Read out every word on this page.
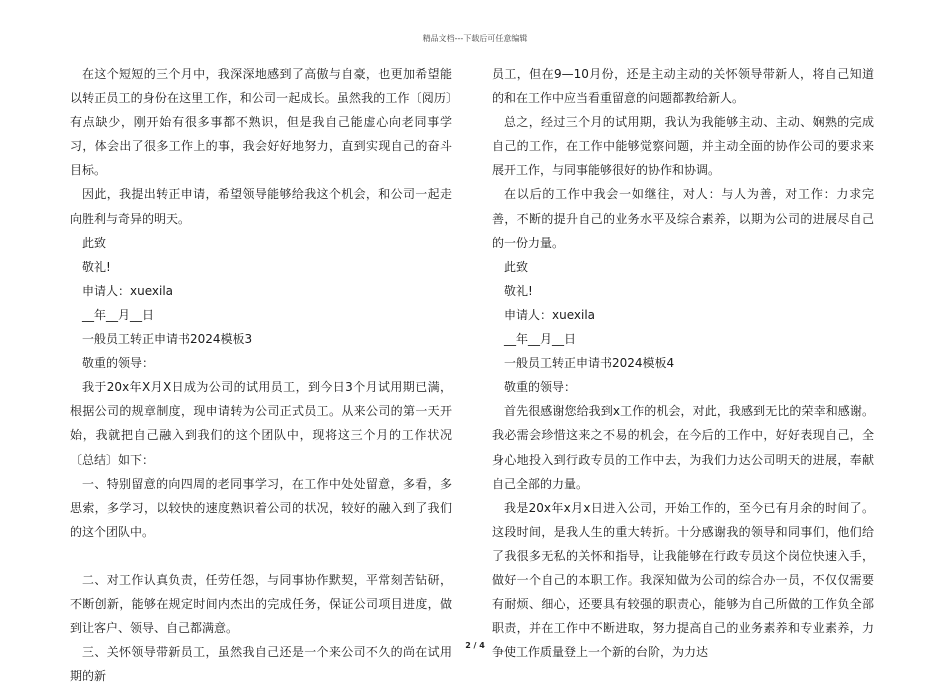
精品文档---下载后可任意编辑

在这个短短的三个月中，我深深地感到了高傲与自豪，也更加希望能以转正员工的身份在这里工作，和公司一起成长。虽然我的工作〔阅历〕有点缺少，刚开始有很多事都不熟识，但是我自己能虚心向老同事学习，体会出了很多工作上的事，我会好好地努力，直到实现自己的奋斗目标。

因此，我提出转正申请，希望领导能够给我这个机会，和公司一起走向胜利与奇异的明天。

此致

敬礼!

申请人：xuexila

__年__月__日

一般员工转正申请书2024模板3

敬重的领导：

我于20x年X月X日成为公司的试用员工，到今日3个月试用期已满，根据公司的规章制度，现申请转为公司正式员工。从来公司的第一天开始，我就把自己融入到我们的这个团队中，现将这三个月的工作状况〔总结〕如下：

一、特别留意的向四周的老同事学习，在工作中处处留意，多看，多思索，多学习，以较快的速度熟识着公司的状况，较好的融入到了我们的这个团队中。

二、对工作认真负责，任劳任怨，与同事协作默契，平常刻苦钻研，不断创新，能够在规定时间内杰出的完成任务，保证公司项目进度，做到让客户、领导、自己都满意。

三、关怀领导带新员工，虽然我自己还是一个来公司不久的尚在试用期的新

员工，但在9—10月份，还是主动主动的关怀领导带新人，将自己知道的和在工作中应当看重留意的问题都教给新人。

总之，经过三个月的试用期，我认为我能够主动、主动、娴熟的完成自己的工作，在工作中能够觉察问题，并主动全面的协作公司的要求来展开工作，与同事能够很好的协作和协调。

在以后的工作中我会一如继往，对人：与人为善，对工作：力求完善，不断的提升自己的业务水平及综合素养，以期为公司的进展尽自己的一份力量。

此致

敬礼!

申请人：xuexila

__年__月__日

一般员工转正申请书2024模板4

敬重的领导：

首先很感谢您给我到x工作的机会，对此，我感到无比的荣幸和感谢。我必需会珍惜这来之不易的机会，在今后的工作中，好好表现自己，全身心地投入到行政专员的工作中去，为我们力达公司明天的进展，奉献自己全部的力量。

我是20x年x月x日进入公司，开始工作的，至今已有月余的时间了。这段时间，是我人生的重大转折。十分感谢我的领导和同事们，他们给了我很多无私的关怀和指导，让我能够在行政专员这个岗位快速入手，做好一个自己的本职工作。我深知做为公司的综合办一员，不仅仅需要有耐烦、细心，还要具有较强的职责心，能够为自己所做的工作负全部职责，并在工作中不断进取，努力提高自己的业务素养和专业素养，力争使工作质量登上一个新的台阶，为力达

2 / 4
